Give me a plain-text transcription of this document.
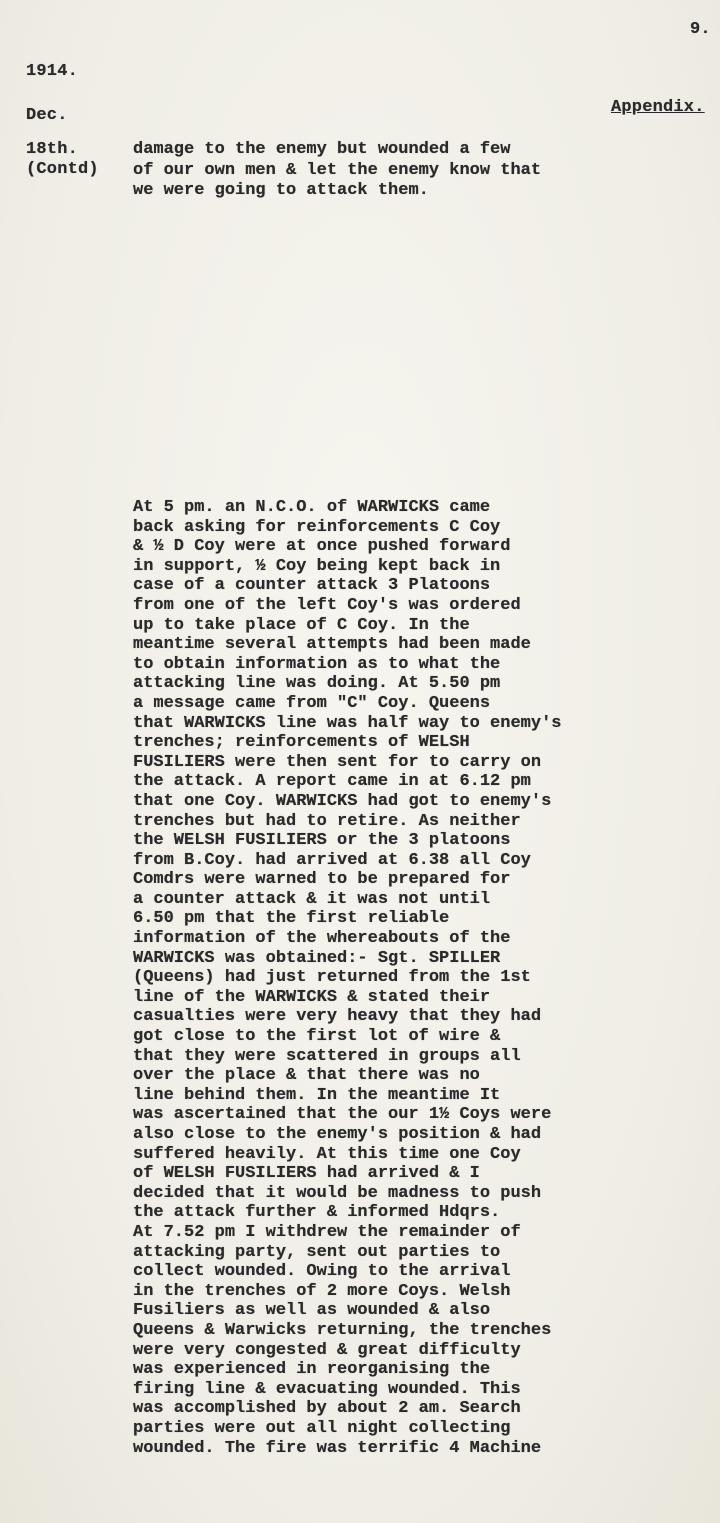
9.
1914.
Dec.	Appendix.
18th.
(Contd)
damage to the enemy but wounded a few
of our own men & let the enemy know that
we were going to attack them.
At 5 pm. an N.C.O. of WARWICKS came
back asking for reinforcements C Coy
& ½ D Coy were at once pushed forward
in support, ½ Coy being kept back in
case of a counter attack 3 Platoons
from one of the left Coy's was ordered
up to take place of C Coy. In the
meantime several attempts had been made
to obtain information as to what the
attacking line was doing. At 5.50 pm
a message came from "C" Coy. Queens
that WARWICKS line was half way to enemy's
trenches; reinforcements of WELSH
FUSILIERS were then sent for to carry on
the attack. A report came in at 6.12 pm
that one Coy. WARWICKS had got to enemy's
trenches but had to retire. As neither
the WELSH FUSILIERS or the 3 platoons
from B.Coy. had arrived at 6.38 all Coy
Comdrs were warned to be prepared for
a counter attack & it was not until
6.50 pm that the first reliable
information of the whereabouts of the
WARWICKS was obtained:- Sgt. SPILLER
(Queens) had just returned from the 1st
line of the WARWICKS & stated their
casualties were very heavy that they had
got close to the first lot of wire &
that they were scattered in groups all
over the place & that there was no
line behind them. In the meantime It
was ascertained that the our 1½ Coys were
also close to the enemy's position & had
suffered heavily. At this time one Coy
of WELSH FUSILIERS had arrived & I
decided that it would be madness to push
the attack further & informed Hdqrs.
At 7.52 pm I withdrew the remainder of
attacking party, sent out parties to
collect wounded. Owing to the arrival
in the trenches of 2 more Coys. Welsh
Fusiliers as well as wounded & also
Queens & Warwicks returning, the trenches
were very congested & great difficulty
was experienced in reorganising the
firing line & evacuating wounded. This
was accomplished by about 2 am. Search
parties were out all night collecting
wounded. The fire was terrific 4 Machine
